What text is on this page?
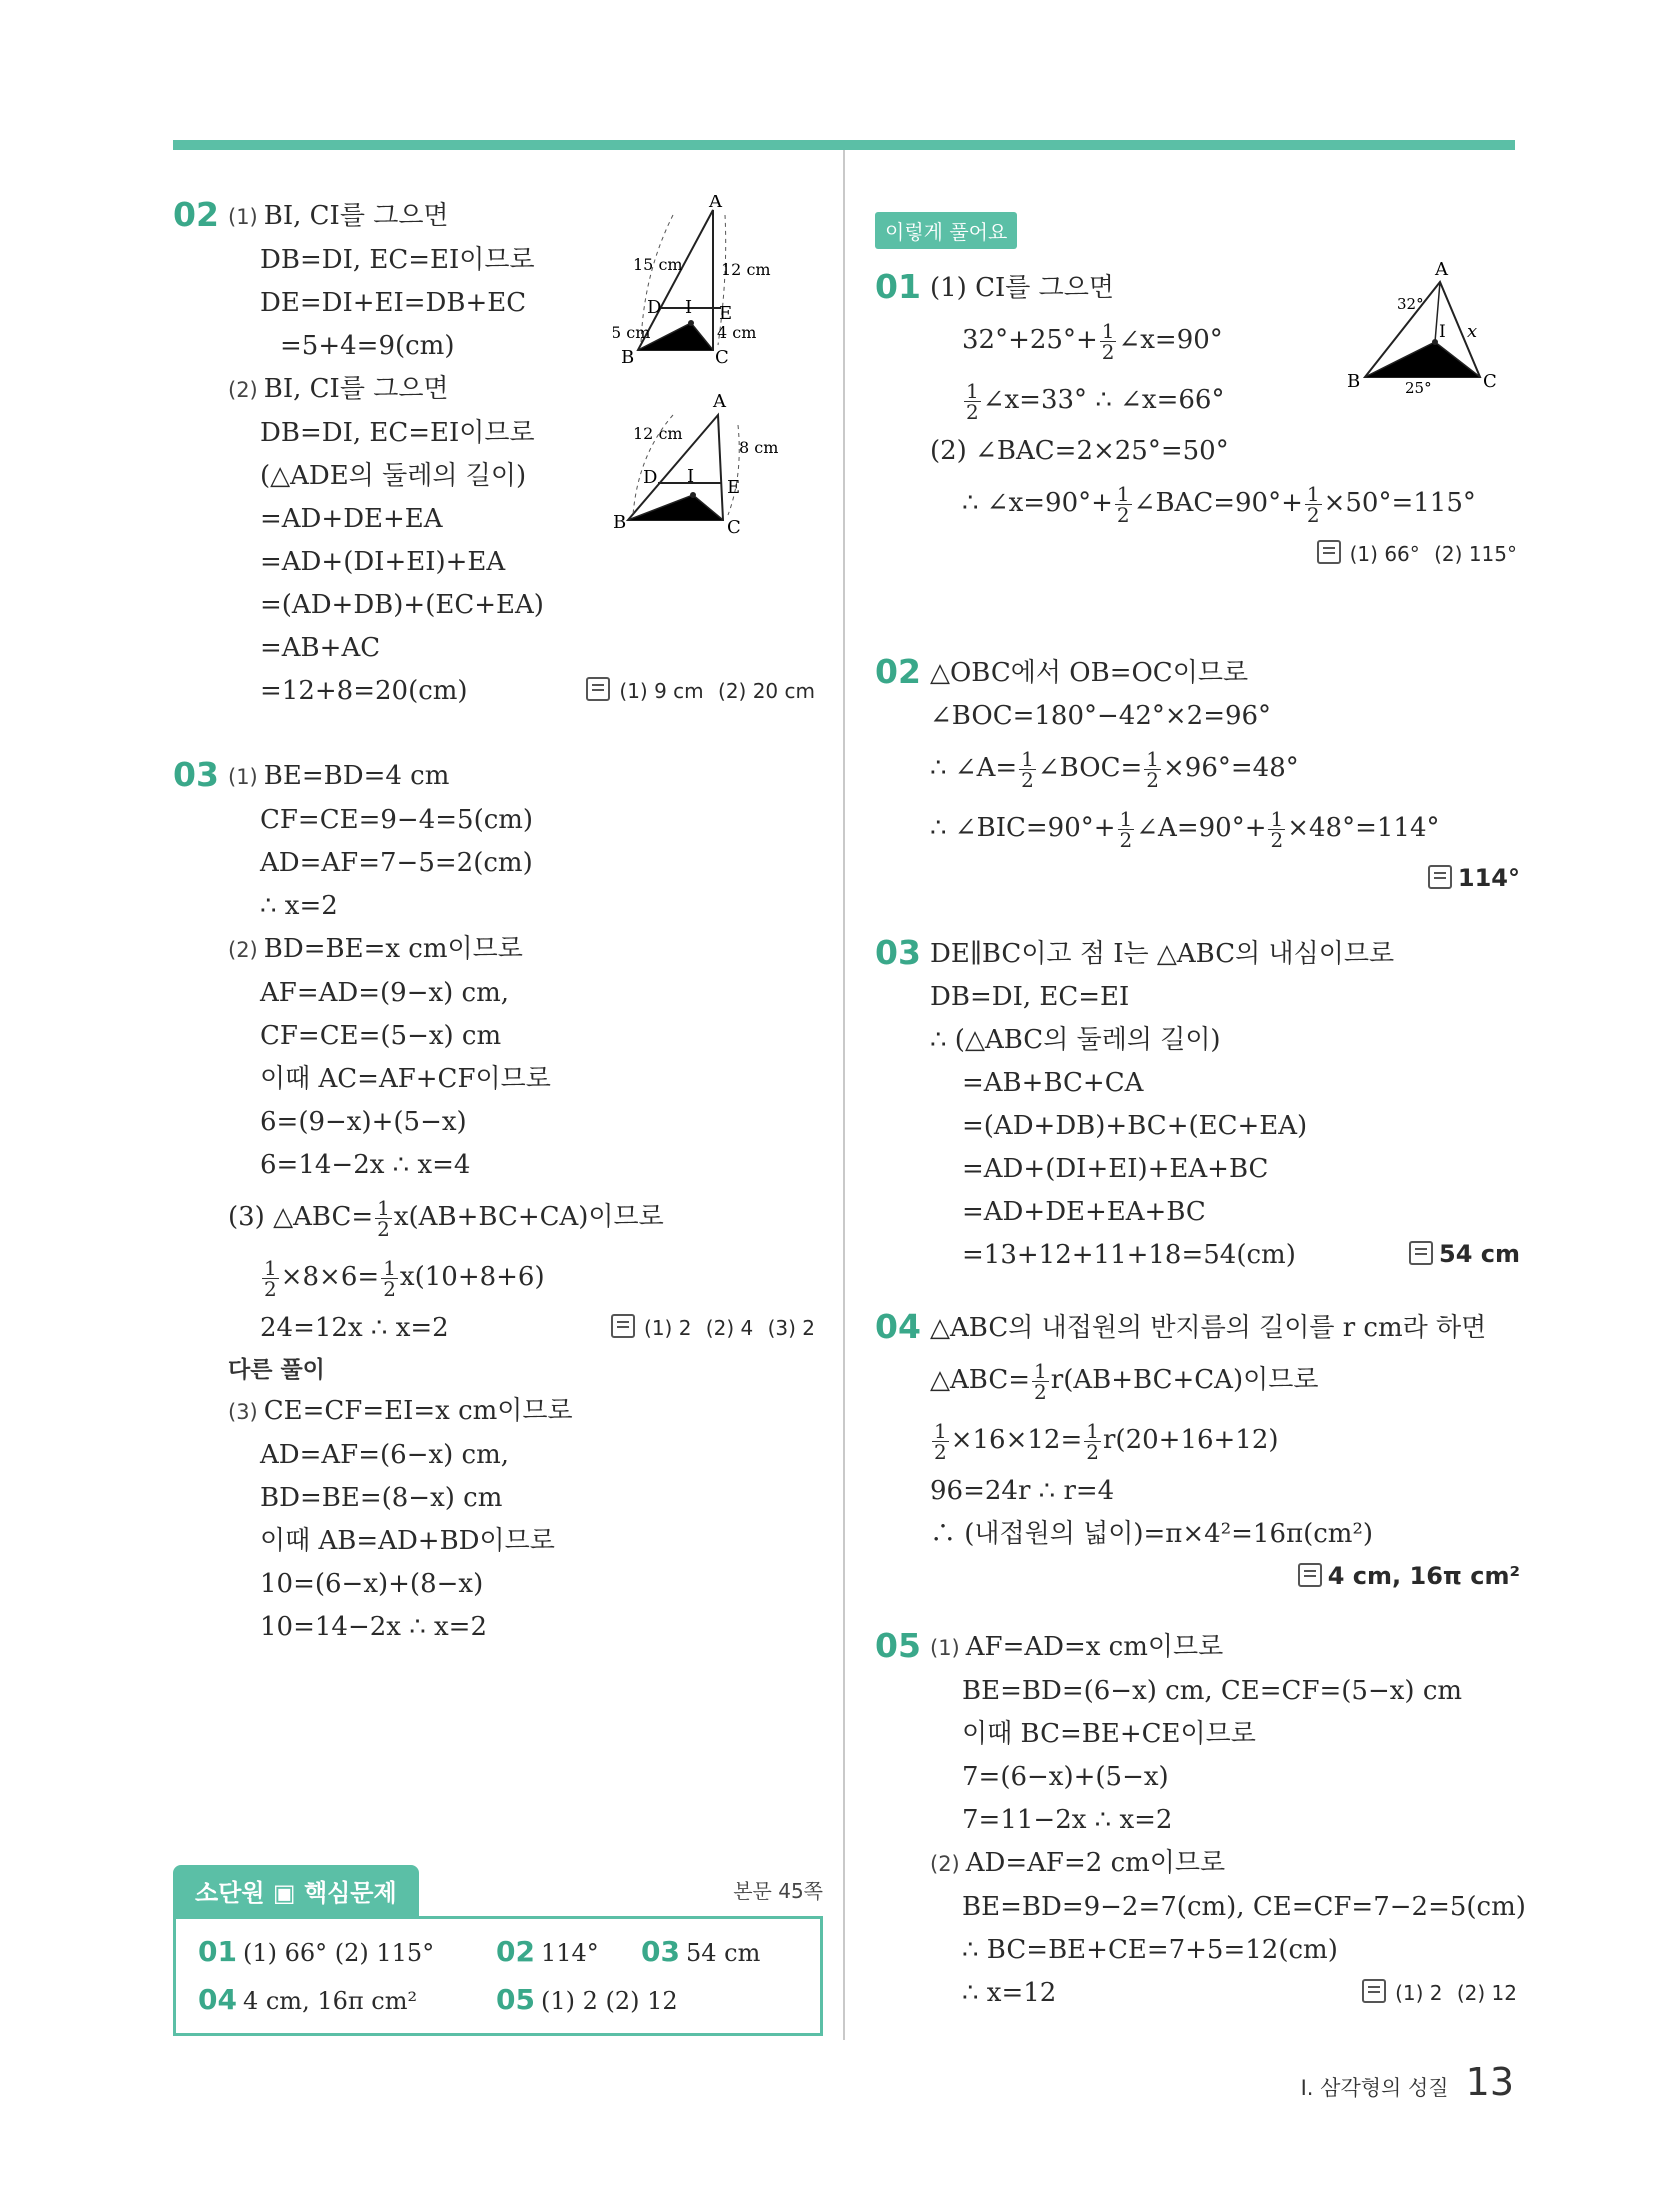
02 (1) BI, CI를 그으면
DB=DI, EC=EI이므로
DE=DI+EI=DB+EC
=5+4=9(cm)
(2) BI, CI를 그으면
DB=DI, EC=EI이므로
(△ADE의 둘레의 길이)
=AD+DE+EA
=AD+(DI+EI)+EA
=(AD+DB)+(EC+EA)
=AB+AC
=12+8=20(cm)	(1) 9 cm (2) 20 cm
A
B	C
D	E
I
15 cm 12 cm
5 cm	4 cm
A
B	C
D	E
I
12 cm
8 cm
03 (1) BE=BD=4 cm
CF=CE=9−4=5(cm)
AD=AF=7−5=2(cm)
∴ x=2
(2) BD=BE=x cm이므로
AF=AD=(9−x) cm,
CF=CE=(5−x) cm
이때 AC=AF+CF이므로
6=(9−x)+(5−x)
6=14−2x ∴ x=4
(3) △ABC= $\frac{1}{2} x(AB+BC+CA)$이므로
$\frac{1}{2} \times 8\times 6= \frac{1}{2} x(10+8+6)$
24=12x ∴ x=2	(1) 2 (2) 4 (3) 2
다른 풀이
(3) CE=CF=EI=x cm이므로
AD=AF=(6−x) cm,
BD=BE=(8−x) cm
이때 AB=AD+BD이므로
10=(6−x)+(8−x)
10=14−2x ∴ x=2
소단원 ▣ 핵심문제	본문 45쪽
01 (1) 66° (2) 115° 02 114° 03 54 cm
04 4 cm, 16π cm²	05 (1) 2 (2) 12
이렇게 풀어요
01 (1) CI를 그으면
$32^\circ+25^\circ+ \frac{1}{2}$ ∠x=90°
$\frac{1}{2}$ ∠x=33° ∴ ∠x=66°
(2) ∠BAC=2×25°=50°
∴ ∠x=90°+ $\frac{1}{2}$ ∠BAC=90°+ $\frac{1}{2} \times 50^\circ=115^\circ$
(1) 66° (2) 115°
A
B	C
I x
32°
25°
02 △OBC에서 OB=OC이므로
∠BOC=180°−42°×2=96°
∴ ∠A= $\frac{1}{2}$ ∠BOC= $\frac{1}{2} \times 96^\circ=48^\circ$
∴ ∠BIC=90°+ $\frac{1}{2}$ ∠A=90°+ $\frac{1}{2} \times 48^\circ=114^\circ$
114°
03 DE∥BC이고 점 I는 △ABC의 내심이므로
DB=DI, EC=EI
∴ (△ABC의 둘레의 길이)
=AB+BC+CA
=(AD+DB)+BC+(EC+EA)
=AD+(DI+EI)+EA+BC
=AD+DE+EA+BC
=13+12+11+18=54(cm)	54 cm
04 △ABC의 내접원의 반지름의 길이를 r cm라 하면
△ABC= $\frac{1}{2} r(AB+BC+CA)$이므로
$\frac{1}{2} \times 16\times 12= \frac{1}{2} r(20+16+12)$
96=24r ∴ r=4
∴ (내접원의 넓이)=π×4²=16π(cm²)
4 cm, 16π cm²
05 (1) AF=AD=x cm이므로
BE=BD=(6−x) cm, CE=CF=(5−x) cm
이때 BC=BE+CE이므로
7=(6−x)+(5−x)
7=11−2x ∴ x=2
(2) AD=AF=2 cm이므로
BE=BD=9−2=7(cm), CE=CF=7−2=5(cm)
∴ BC=BE+CE=7+5=12(cm)
∴ x=12	(1) 2 (2) 12
I. 삼각형의 성질 13
